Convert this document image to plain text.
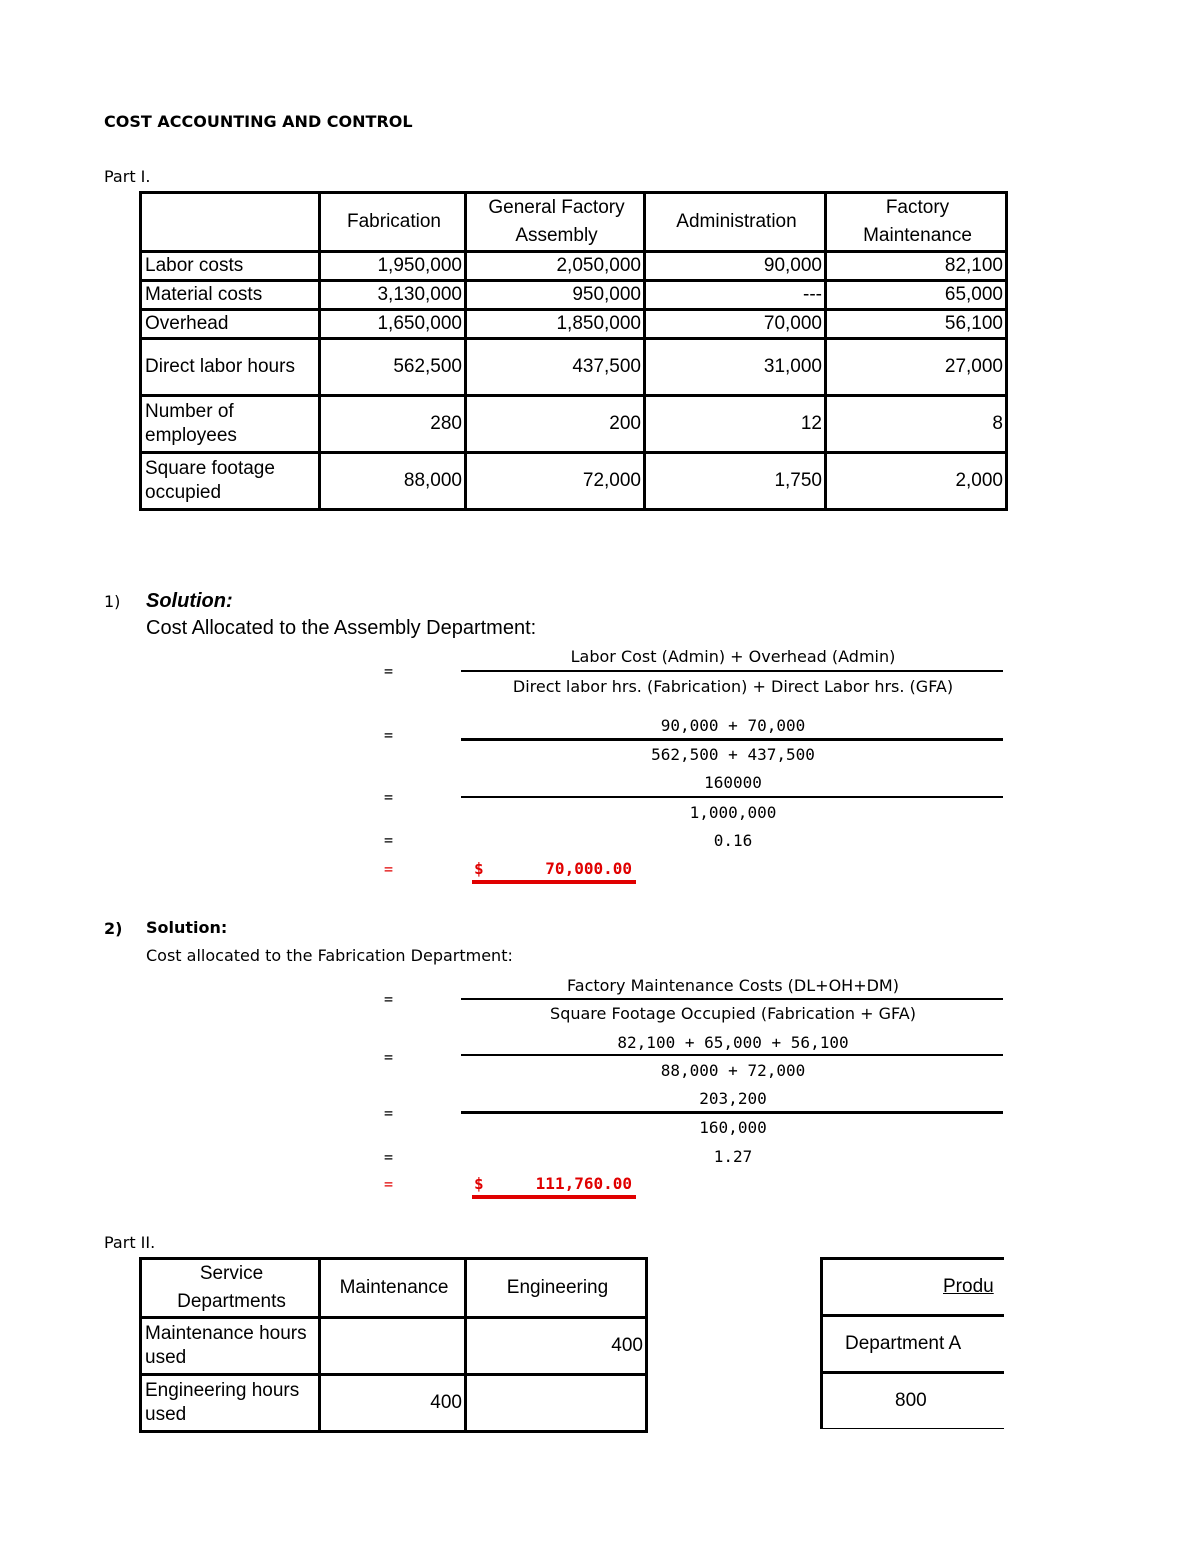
COST ACCOUNTING AND CONTROL
Part I.
	Fabrication	General Factory Assembly	Administration	Factory Maintenance
Labor costs	1,950,000	2,050,000	90,000	82,100
Material costs	3,130,000	950,000	---	65,000
Overhead	1,650,000	1,850,000	70,000	56,100
Direct labor hours	562,500	437,500	31,000	27,000
Number of employees	280	200	12	8
Square footage occupied	88,000	72,000	1,750	2,000
1) Solution:
Cost Allocated to the Assembly Department:
=
Labor Cost (Admin) + Overhead (Admin)
Direct labor hrs. (Fabrication) + Direct Labor hrs. (GFA)
=	90,000 + 70,000
562,500 + 437,500
=
160000
1,000,000
=	0.16
=	$	70,000.00
2) Solution:
Cost allocated to the Fabrication Department:
=
Factory Maintenance Costs (DL+OH+DM)
Square Footage Occupied (Fabrication + GFA)
=
82,100 + 65,000 + 56,100
88,000 + 72,000
=
203,200
160,000
=	1.27
=	$	111,760.00
Part II.
Service Departments	Maintenance	Engineering
Maintenance hours used		400
Engineering hours used	400	
Produ
Department A
800
